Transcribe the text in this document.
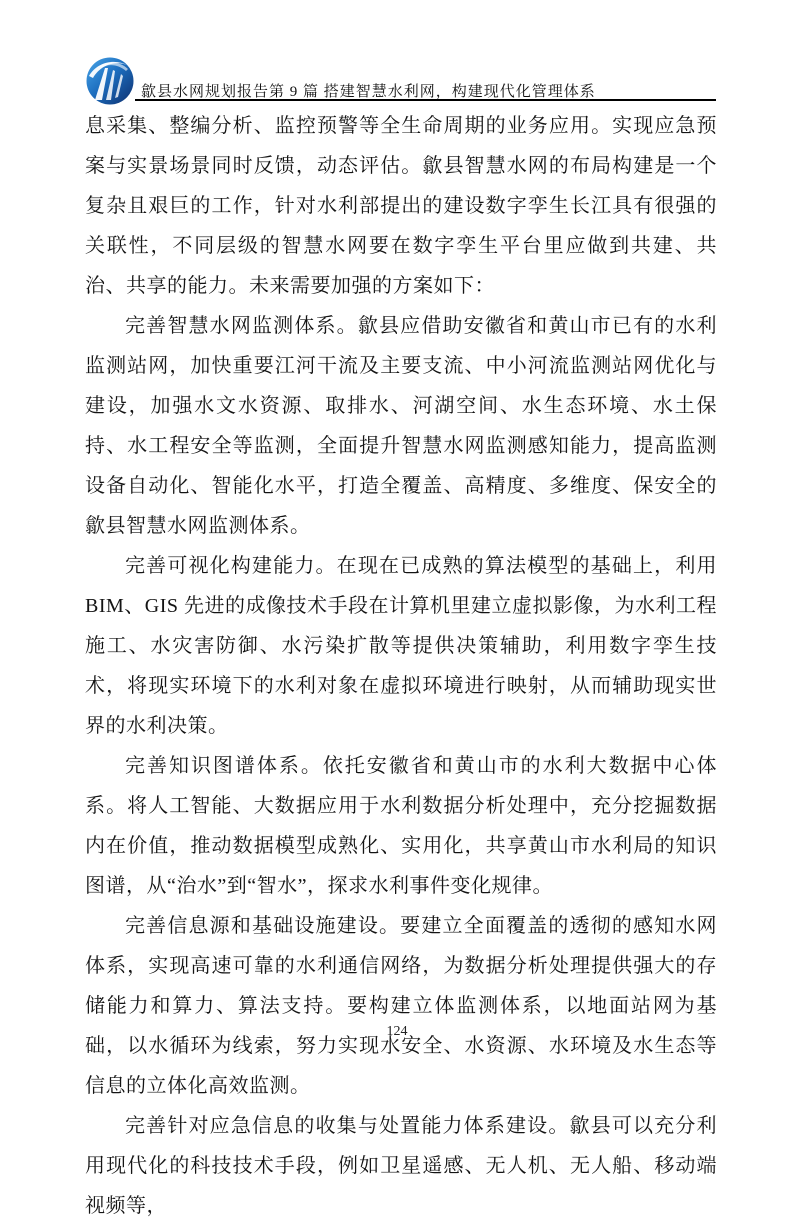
歙县水网规划报告第 9 篇 搭建智慧水利网，构建现代化管理体系

息采集、整编分析、监控预警等全生命周期的业务应用。实现应急预案与实景场景同时反馈，动态评估。歙县智慧水网的布局构建是一个复杂且艰巨的工作，针对水利部提出的建设数字孪生长江具有很强的关联性，不同层级的智慧水网要在数字孪生平台里应做到共建、共治、共享的能力。未来需要加强的方案如下：

完善智慧水网监测体系。歙县应借助安徽省和黄山市已有的水利监测站网，加快重要江河干流及主要支流、中小河流监测站网优化与建设，加强水文水资源、取排水、河湖空间、水生态环境、水土保持、水工程安全等监测，全面提升智慧水网监测感知能力，提高监测设备自动化、智能化水平，打造全覆盖、高精度、多维度、保安全的歙县智慧水网监测体系。

完善可视化构建能力。在现在已成熟的算法模型的基础上，利用BIM、GIS 先进的成像技术手段在计算机里建立虚拟影像，为水利工程施工、水灾害防御、水污染扩散等提供决策辅助，利用数字孪生技术，将现实环境下的水利对象在虚拟环境进行映射，从而辅助现实世界的水利决策。

完善知识图谱体系。依托安徽省和黄山市的水利大数据中心体系。将人工智能、大数据应用于水利数据分析处理中，充分挖掘数据内在价值，推动数据模型成熟化、实用化，共享黄山市水利局的知识图谱，从“治水”到“智水”，探求水利事件变化规律。

完善信息源和基础设施建设。要建立全面覆盖的透彻的感知水网体系，实现高速可靠的水利通信网络，为数据分析处理提供强大的存储能力和算力、算法支持。要构建立体监测体系，以地面站网为基础，以水循环为线索，努力实现水安全、水资源、水环境及水生态等信息的立体化高效监测。

完善针对应急信息的收集与处置能力体系建设。歙县可以充分利用现代化的科技技术手段，例如卫星遥感、无人机、无人船、移动端视频等，

124
